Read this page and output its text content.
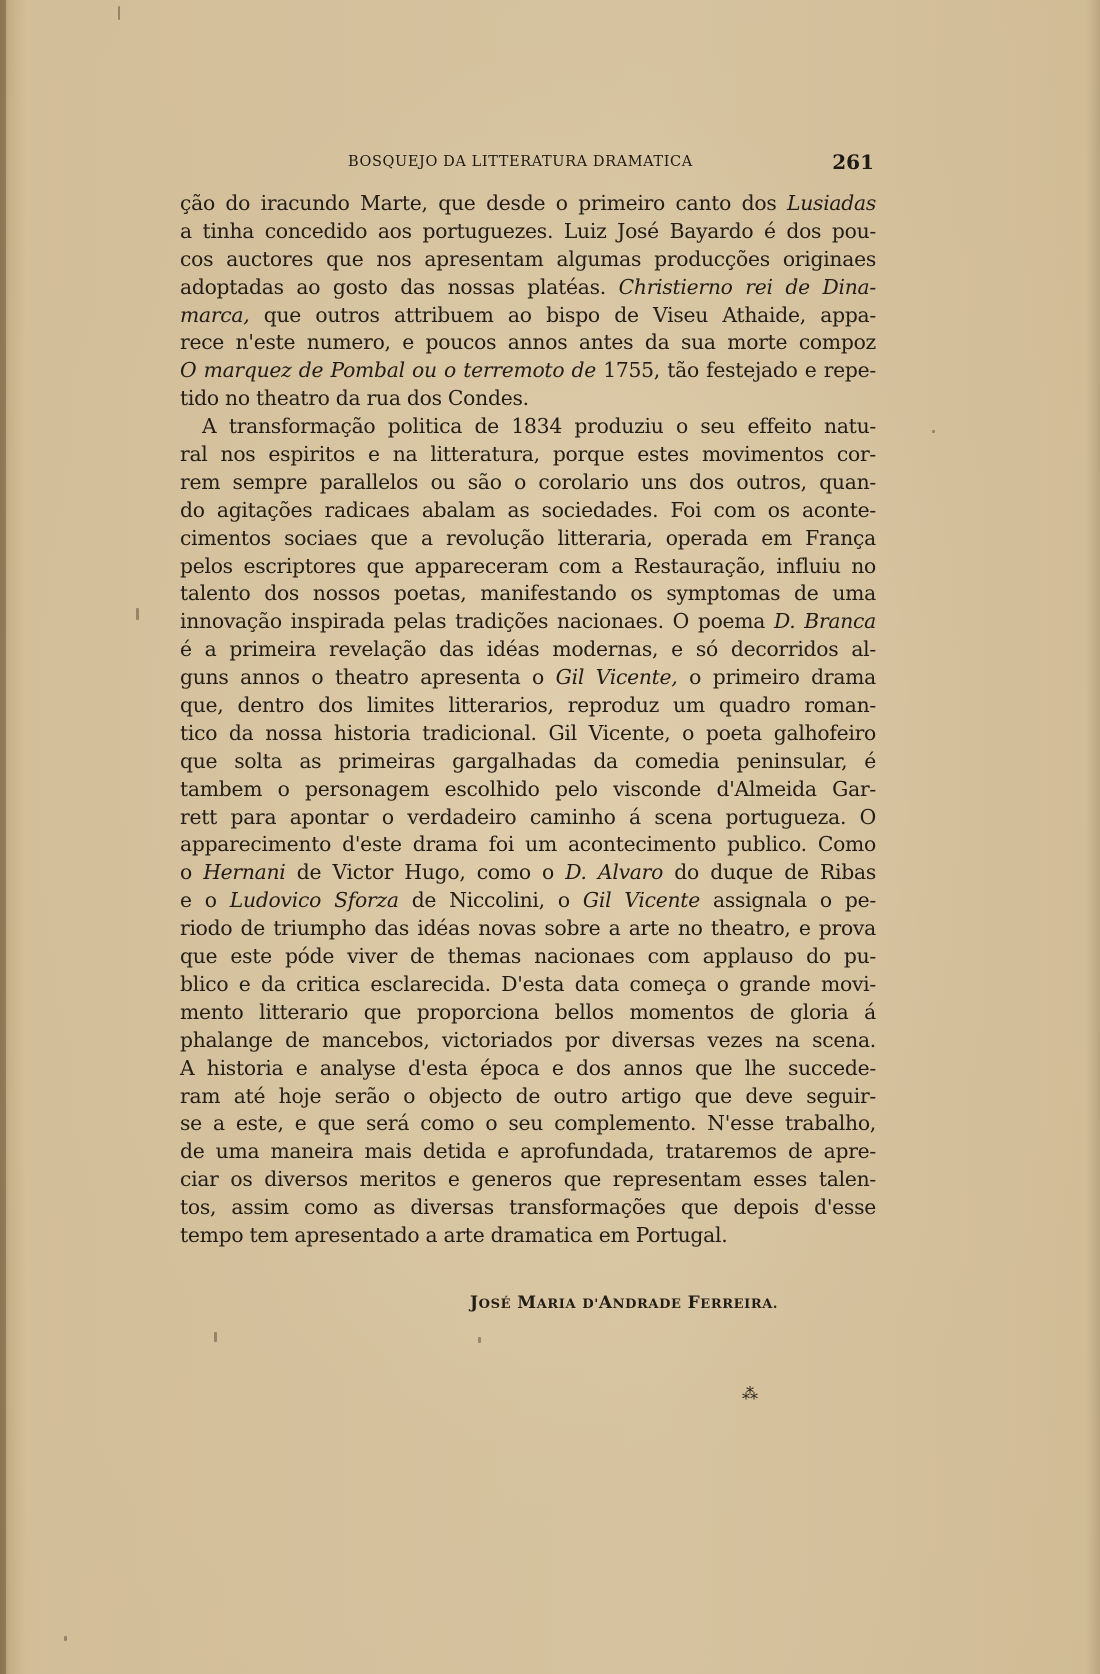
BOSQUEJO DA LITTERATURA DRAMATICA	261
ção do iracundo Marte, que desde o primeiro canto dos Lusiadas
a tinha concedido aos portuguezes. Luiz José Bayardo é dos pou-
cos auctores que nos apresentam algumas producções originaes
adoptadas ao gosto das nossas platéas. Christierno rei de Dina-
marca, que outros attribuem ao bispo de Viseu Athaide, appa-
rece n'este numero, e poucos annos antes da sua morte compoz
O marquez de Pombal ou o terremoto de 1755, tão festejado e repe-
tido no theatro da rua dos Condes.
A transformação politica de 1834 produziu o seu effeito natu-
ral nos espiritos e na litteratura, porque estes movimentos cor-
rem sempre parallelos ou são o corolario uns dos outros, quan-
do agitações radicaes abalam as sociedades. Foi com os aconte-
cimentos sociaes que a revolução litteraria, operada em França
pelos escriptores que appareceram com a Restauração, influiu no
talento dos nossos poetas, manifestando os symptomas de uma
innovação inspirada pelas tradições nacionaes. O poema D. Branca
é a primeira revelação das idéas modernas, e só decorridos al-
guns annos o theatro apresenta o Gil Vicente, o primeiro drama
que, dentro dos limites litterarios, reproduz um quadro roman-
tico da nossa historia tradicional. Gil Vicente, o poeta galhofeiro
que solta as primeiras gargalhadas da comedia peninsular, é
tambem o personagem escolhido pelo visconde d'Almeida Gar-
rett para apontar o verdadeiro caminho á scena portugueza. O
apparecimento d'este drama foi um acontecimento publico. Como
o Hernani de Victor Hugo, como o D. Alvaro do duque de Ribas
e o Ludovico Sforza de Niccolini, o Gil Vicente assignala o pe-
riodo de triumpho das idéas novas sobre a arte no theatro, e prova
que este póde viver de themas nacionaes com applauso do pu-
blico e da critica esclarecida. D'esta data começa o grande movi-
mento litterario que proporciona bellos momentos de gloria á
phalange de mancebos, victoriados por diversas vezes na scena.
A historia e analyse d'esta época e dos annos que lhe succede-
ram até hoje serão o objecto de outro artigo que deve seguir-
se a este, e que será como o seu complemento. N'esse trabalho,
de uma maneira mais detida e aprofundada, trataremos de apre-
ciar os diversos meritos e generos que representam esses talen-
tos, assim como as diversas transformações que depois d'esse
tempo tem apresentado a arte dramatica em Portugal.
JOSÉ MARIA D'ANDRADE FERREIRA.
⁂
